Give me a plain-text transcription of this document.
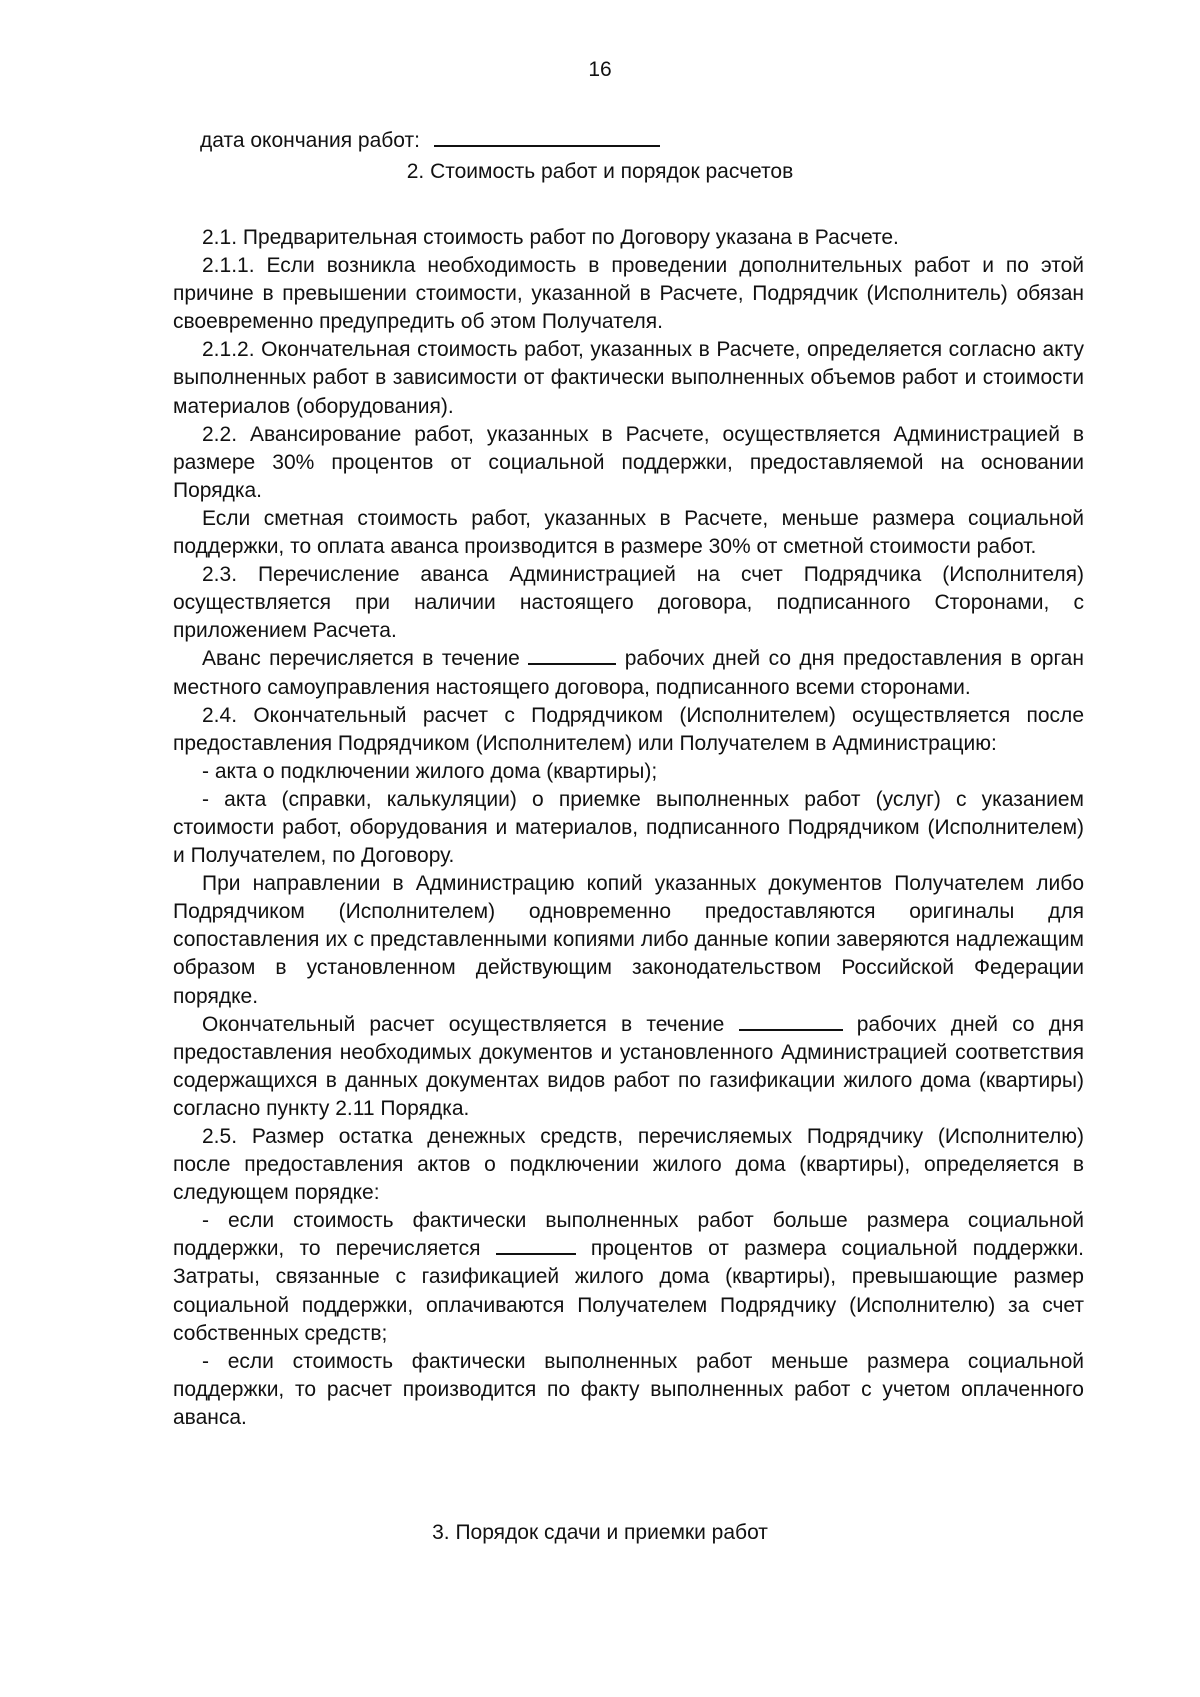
16
дата окончания работ:
2. Стоимость работ и порядок расчетов

2.1. Предварительная стоимость работ по Договору указана в Расчете.

2.1.1. Если возникла необходимость в проведении дополнительных работ и по этой причине в превышении стоимости, указанной в Расчете, Подрядчик (Исполнитель) обязан своевременно предупредить об этом Получателя.

2.1.2. Окончательная стоимость работ, указанных в Расчете, определяется согласно акту выполненных работ в зависимости от фактически выполненных объемов работ и стоимости материалов (оборудования).

2.2. Авансирование работ, указанных в Расчете, осуществляется Администрацией в размере 30% процентов от социальной поддержки, предоставляемой на основании Порядка.

Если сметная стоимость работ, указанных в Расчете, меньше размера социальной поддержки, то оплата аванса производится в размере 30% от сметной стоимости работ.

2.3. Перечисление аванса Администрацией на счет Подрядчика (Исполнителя) осуществляется при наличии настоящего договора, подписанного Сторонами, с приложением Расчета.

Аванс перечисляется в течение	рабочих дней со дня предоставления в орган местного самоуправления настоящего договора, подписанного всеми сторонами.

2.4. Окончательный расчет с Подрядчиком (Исполнителем) осуществляется после предоставления Подрядчиком (Исполнителем) или Получателем в Администрацию:

- акта о подключении жилого дома (квартиры);

- акта (справки, калькуляции) о приемке выполненных работ (услуг) с указанием стоимости работ, оборудования и материалов, подписанного Подрядчиком (Исполнителем) и Получателем, по Договору.

При направлении в Администрацию копий указанных документов Получателем либо Подрядчиком (Исполнителем) одновременно предоставляются оригиналы для сопоставления их с представленными копиями либо данные копии заверяются надлежащим образом в установленном действующим законодательством Российской Федерации порядке.

Окончательный расчет осуществляется в течение	рабочих дней со дня предоставления необходимых документов и установленного Администрацией соответствия содержащихся в данных документах видов работ по газификации жилого дома (квартиры) согласно пункту 2.11 Порядка.

2.5. Размер остатка денежных средств, перечисляемых Подрядчику (Исполнителю) после предоставления актов о подключении жилого дома (квартиры), определяется в следующем порядке:

- если стоимость фактически выполненных работ больше размера социальной поддержки, то перечисляется	процентов от размера социальной поддержки. Затраты, связанные с газификацией жилого дома (квартиры), превышающие размер социальной поддержки, оплачиваются Получателем Подрядчику (Исполнителю) за счет собственных средств;

- если стоимость фактически выполненных работ меньше размера социальной поддержки, то расчет производится по факту выполненных работ с учетом оплаченного аванса.

3. Порядок сдачи и приемки работ
